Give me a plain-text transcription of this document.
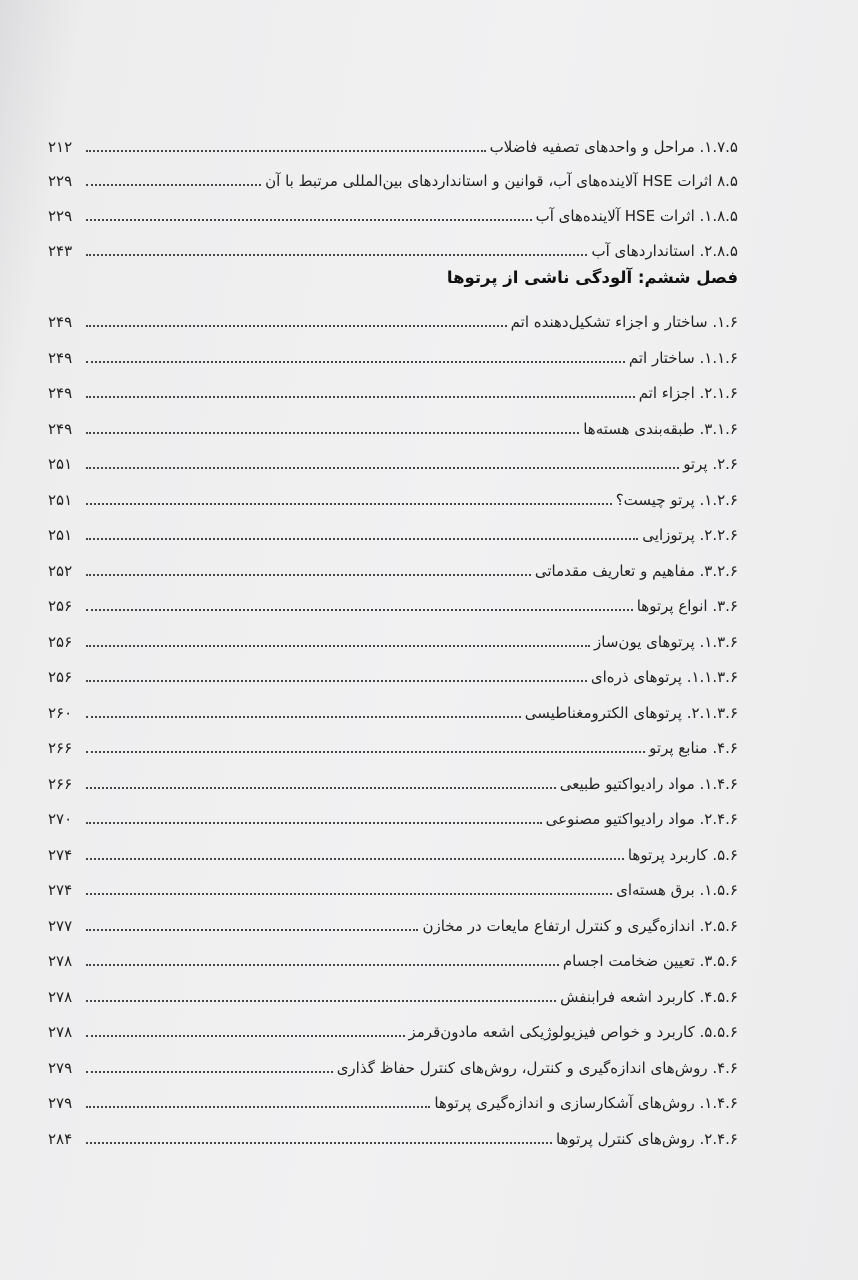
فصل ششم: آلودگی ناشی از پرتوها
۱.۷.۵. مراحل و واحدهای تصفیه فاضلاب
۲۱۲
۸.۵ اثرات HSE آلاینده‌های آب، قوانین و استانداردهای بین‌المللی مرتبط با آن
۲۲۹
۱.۸.۵. اثرات HSE آلاینده‌های آب
۲۲۹
۲.۸.۵. استانداردهای آب
۲۴۳
۱.۶. ساختار و اجزاء تشکیل‌دهنده اتم
۲۴۹
۱.۱.۶. ساختار اتم
۲۴۹
۲.۱.۶. اجزاء اتم
۲۴۹
۳.۱.۶. طبقه‌بندی هسته‌ها
۲۴۹
۲.۶. پرتو
۲۵۱
۱.۲.۶. پرتو چیست؟
۲۵۱
۲.۲.۶. پرتوزایی
۲۵۱
۳.۲.۶. مفاهیم و تعاریف مقدماتی
۲۵۲
۳.۶. انواع پرتوها
۲۵۶
۱.۳.۶. پرتوهای یون‌ساز
۲۵۶
۱.۱.۳.۶. پرتوهای ذره‌ای
۲۵۶
۲.۱.۳.۶. پرتوهای الکترومغناطیسی
۲۶۰
۴.۶. منابع پرتو
۲۶۶
۱.۴.۶. مواد رادیواکتیو طبیعی
۲۶۶
۲.۴.۶. مواد رادیواکتیو مصنوعی
۲۷۰
۵.۶. کاربرد پرتوها
۲۷۴
۱.۵.۶. برق هسته‌ای
۲۷۴
۲.۵.۶. اندازه‌گیری و کنترل ارتفاع مایعات در مخازن
۲۷۷
۳.۵.۶. تعیین ضخامت اجسام
۲۷۸
۴.۵.۶. کاربرد اشعه فرابنفش
۲۷۸
۵.۵.۶. کاربرد و خواص فیزیولوژیکی اشعه مادون‌قرمز
۲۷۸
۴.۶. روش‌های اندازه‌گیری و کنترل، روش‌های کنترل حفاظ گذاری
۲۷۹
۱.۴.۶. روش‌های آشکارسازی و اندازه‌گیری پرتوها
۲۷۹
۲.۴.۶. روش‌های کنترل پرتوها
۲۸۴
